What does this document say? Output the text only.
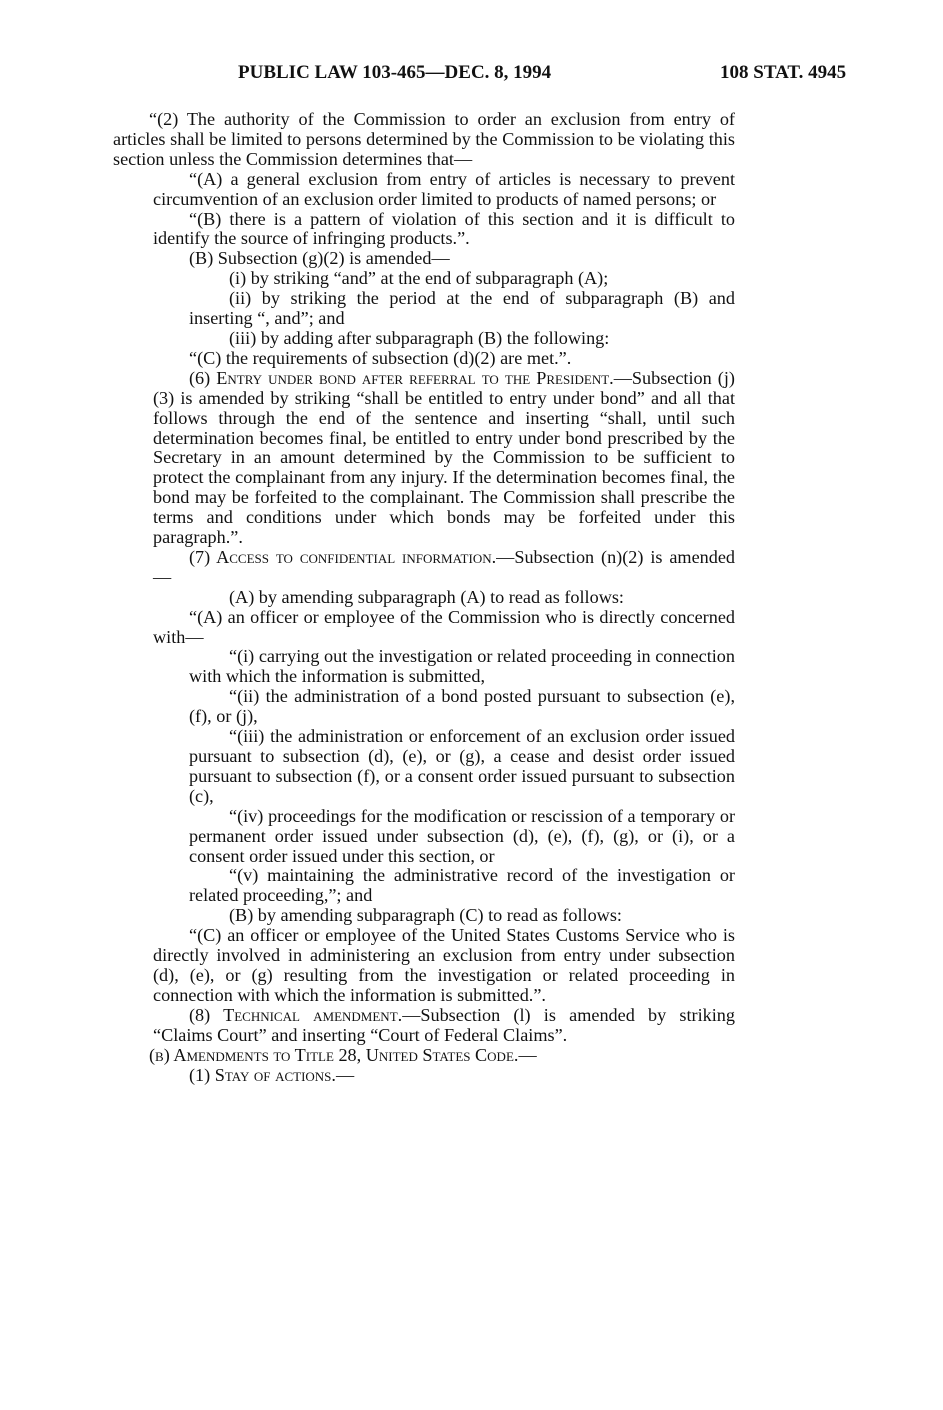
PUBLIC LAW 103-465—DEC. 8, 1994	108 STAT. 4945

“(2) The authority of the Commission to order an exclusion from entry of articles shall be limited to persons determined by the Commission to be violating this section unless the Commission determines that—

“(A) a general exclusion from entry of articles is necessary to prevent circumvention of an exclusion order limited to products of named persons; or

“(B) there is a pattern of violation of this section and it is difficult to identify the source of infringing products.”.

(B) Subsection (g)(2) is amended—

(i) by striking “and” at the end of subparagraph (A);

(ii) by striking the period at the end of subparagraph (B) and inserting “, and”; and

(iii) by adding after subparagraph (B) the following:

“(C) the requirements of subsection (d)(2) are met.”.

(6) Entry under bond after referral to the President.—Subsection (j)(3) is amended by striking “shall be entitled to entry under bond” and all that follows through the end of the sentence and inserting “shall, until such determination becomes final, be entitled to entry under bond prescribed by the Secretary in an amount determined by the Commission to be sufficient to protect the complainant from any injury. If the determination becomes final, the bond may be forfeited to the complainant. The Commission shall prescribe the terms and conditions under which bonds may be forfeited under this paragraph.”.

(7) Access to confidential information.—Subsection (n)(2) is amended—

(A) by amending subparagraph (A) to read as follows:

“(A) an officer or employee of the Commission who is directly concerned with—

“(i) carrying out the investigation or related proceeding in connection with which the information is submitted,

“(ii) the administration of a bond posted pursuant to subsection (e), (f), or (j),

“(iii) the administration or enforcement of an exclusion order issued pursuant to subsection (d), (e), or (g), a cease and desist order issued pursuant to subsection (f), or a consent order issued pursuant to subsection (c),

“(iv) proceedings for the modification or rescission of a temporary or permanent order issued under subsection (d), (e), (f), (g), or (i), or a consent order issued under this section, or

“(v) maintaining the administrative record of the investigation or related proceeding,”; and

(B) by amending subparagraph (C) to read as follows:

“(C) an officer or employee of the United States Customs Service who is directly involved in administering an exclusion from entry under subsection (d), (e), or (g) resulting from the investigation or related proceeding in connection with which the information is submitted.”.

(8) Technical amendment.—Subsection (l) is amended by striking “Claims Court” and inserting “Court of Federal Claims”.

(b) Amendments to Title 28, United States Code.—

(1) Stay of actions.—
